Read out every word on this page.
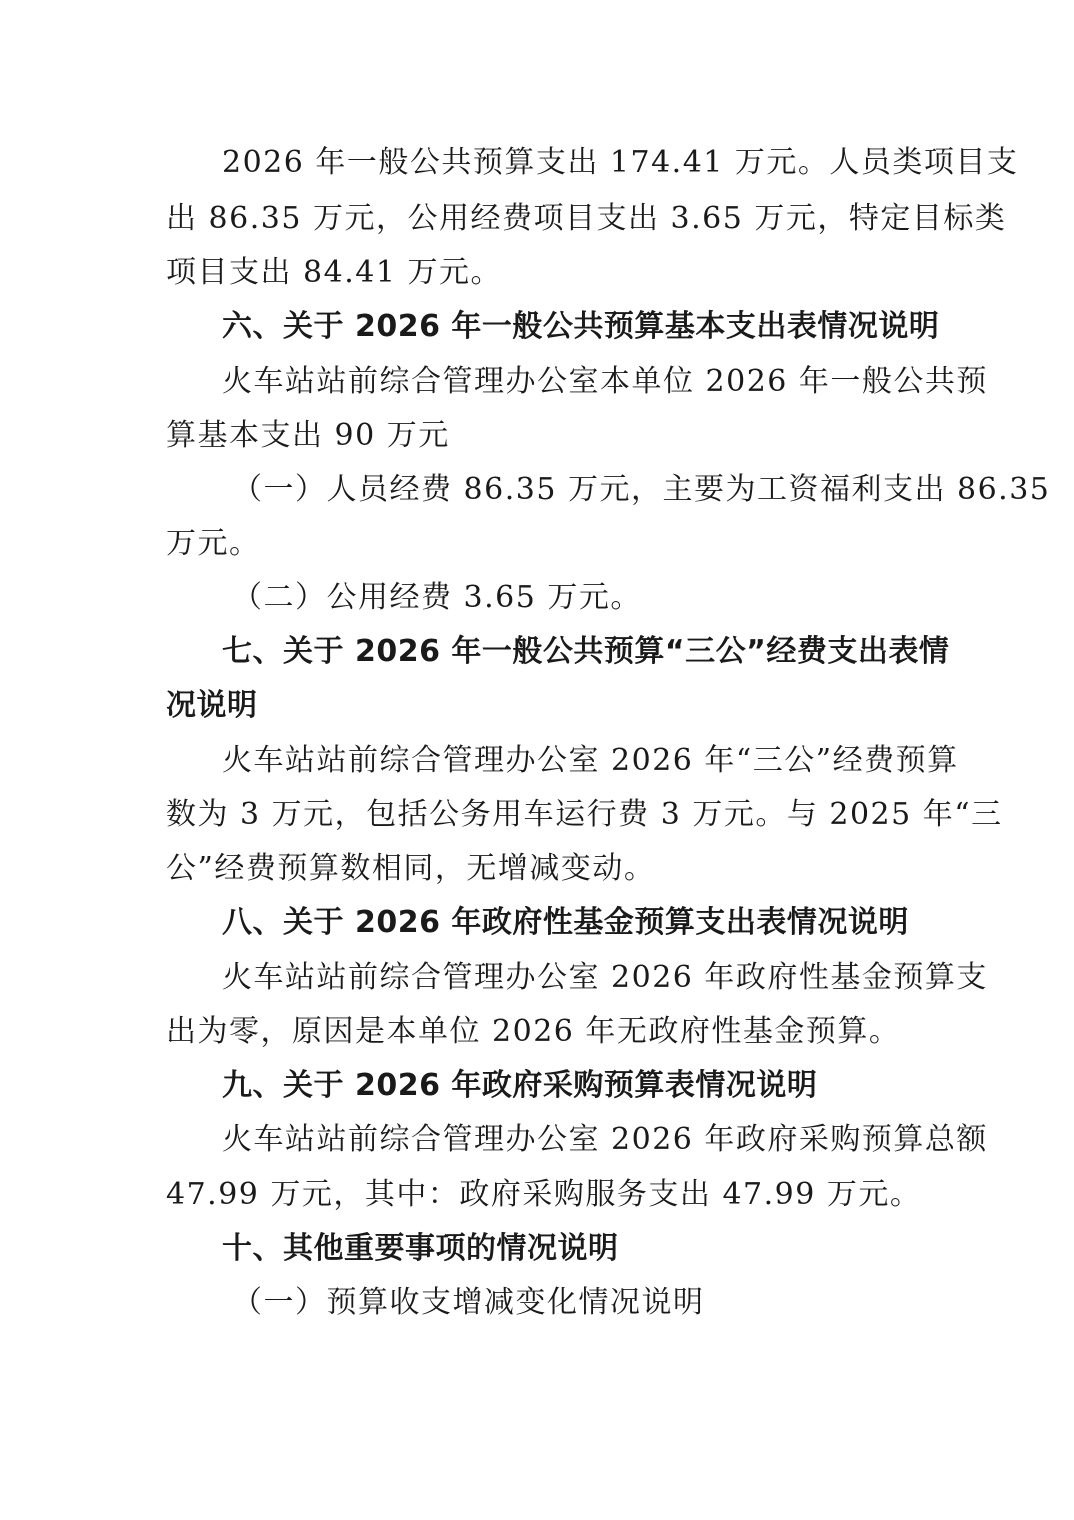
2026 年一般公共预算支出 174.41 万元。人员类项目支
出 86.35 万元，公用经费项目支出 3.65 万元，特定目标类
项目支出 84.41 万元。
六、关于 2026 年一般公共预算基本支出表情况说明
火车站站前综合管理办公室本单位 2026 年一般公共预
算基本支出 90 万元
（一）人员经费 86.35 万元，主要为工资福利支出 86.35
万元。
（二）公用经费 3.65 万元。
七、关于 2026 年一般公共预算“三公”经费支出表情
况说明
火车站站前综合管理办公室 2026 年“三公”经费预算
数为 3 万元，包括公务用车运行费 3 万元。与 2025 年“三
公”经费预算数相同，无增减变动。
八、关于 2026 年政府性基金预算支出表情况说明
火车站站前综合管理办公室 2026 年政府性基金预算支
出为零，原因是本单位 2026 年无政府性基金预算。
九、关于 2026 年政府采购预算表情况说明
火车站站前综合管理办公室 2026 年政府采购预算总额
47.99 万元，其中：政府采购服务支出 47.99 万元。
十、其他重要事项的情况说明
（一）预算收支增减变化情况说明
